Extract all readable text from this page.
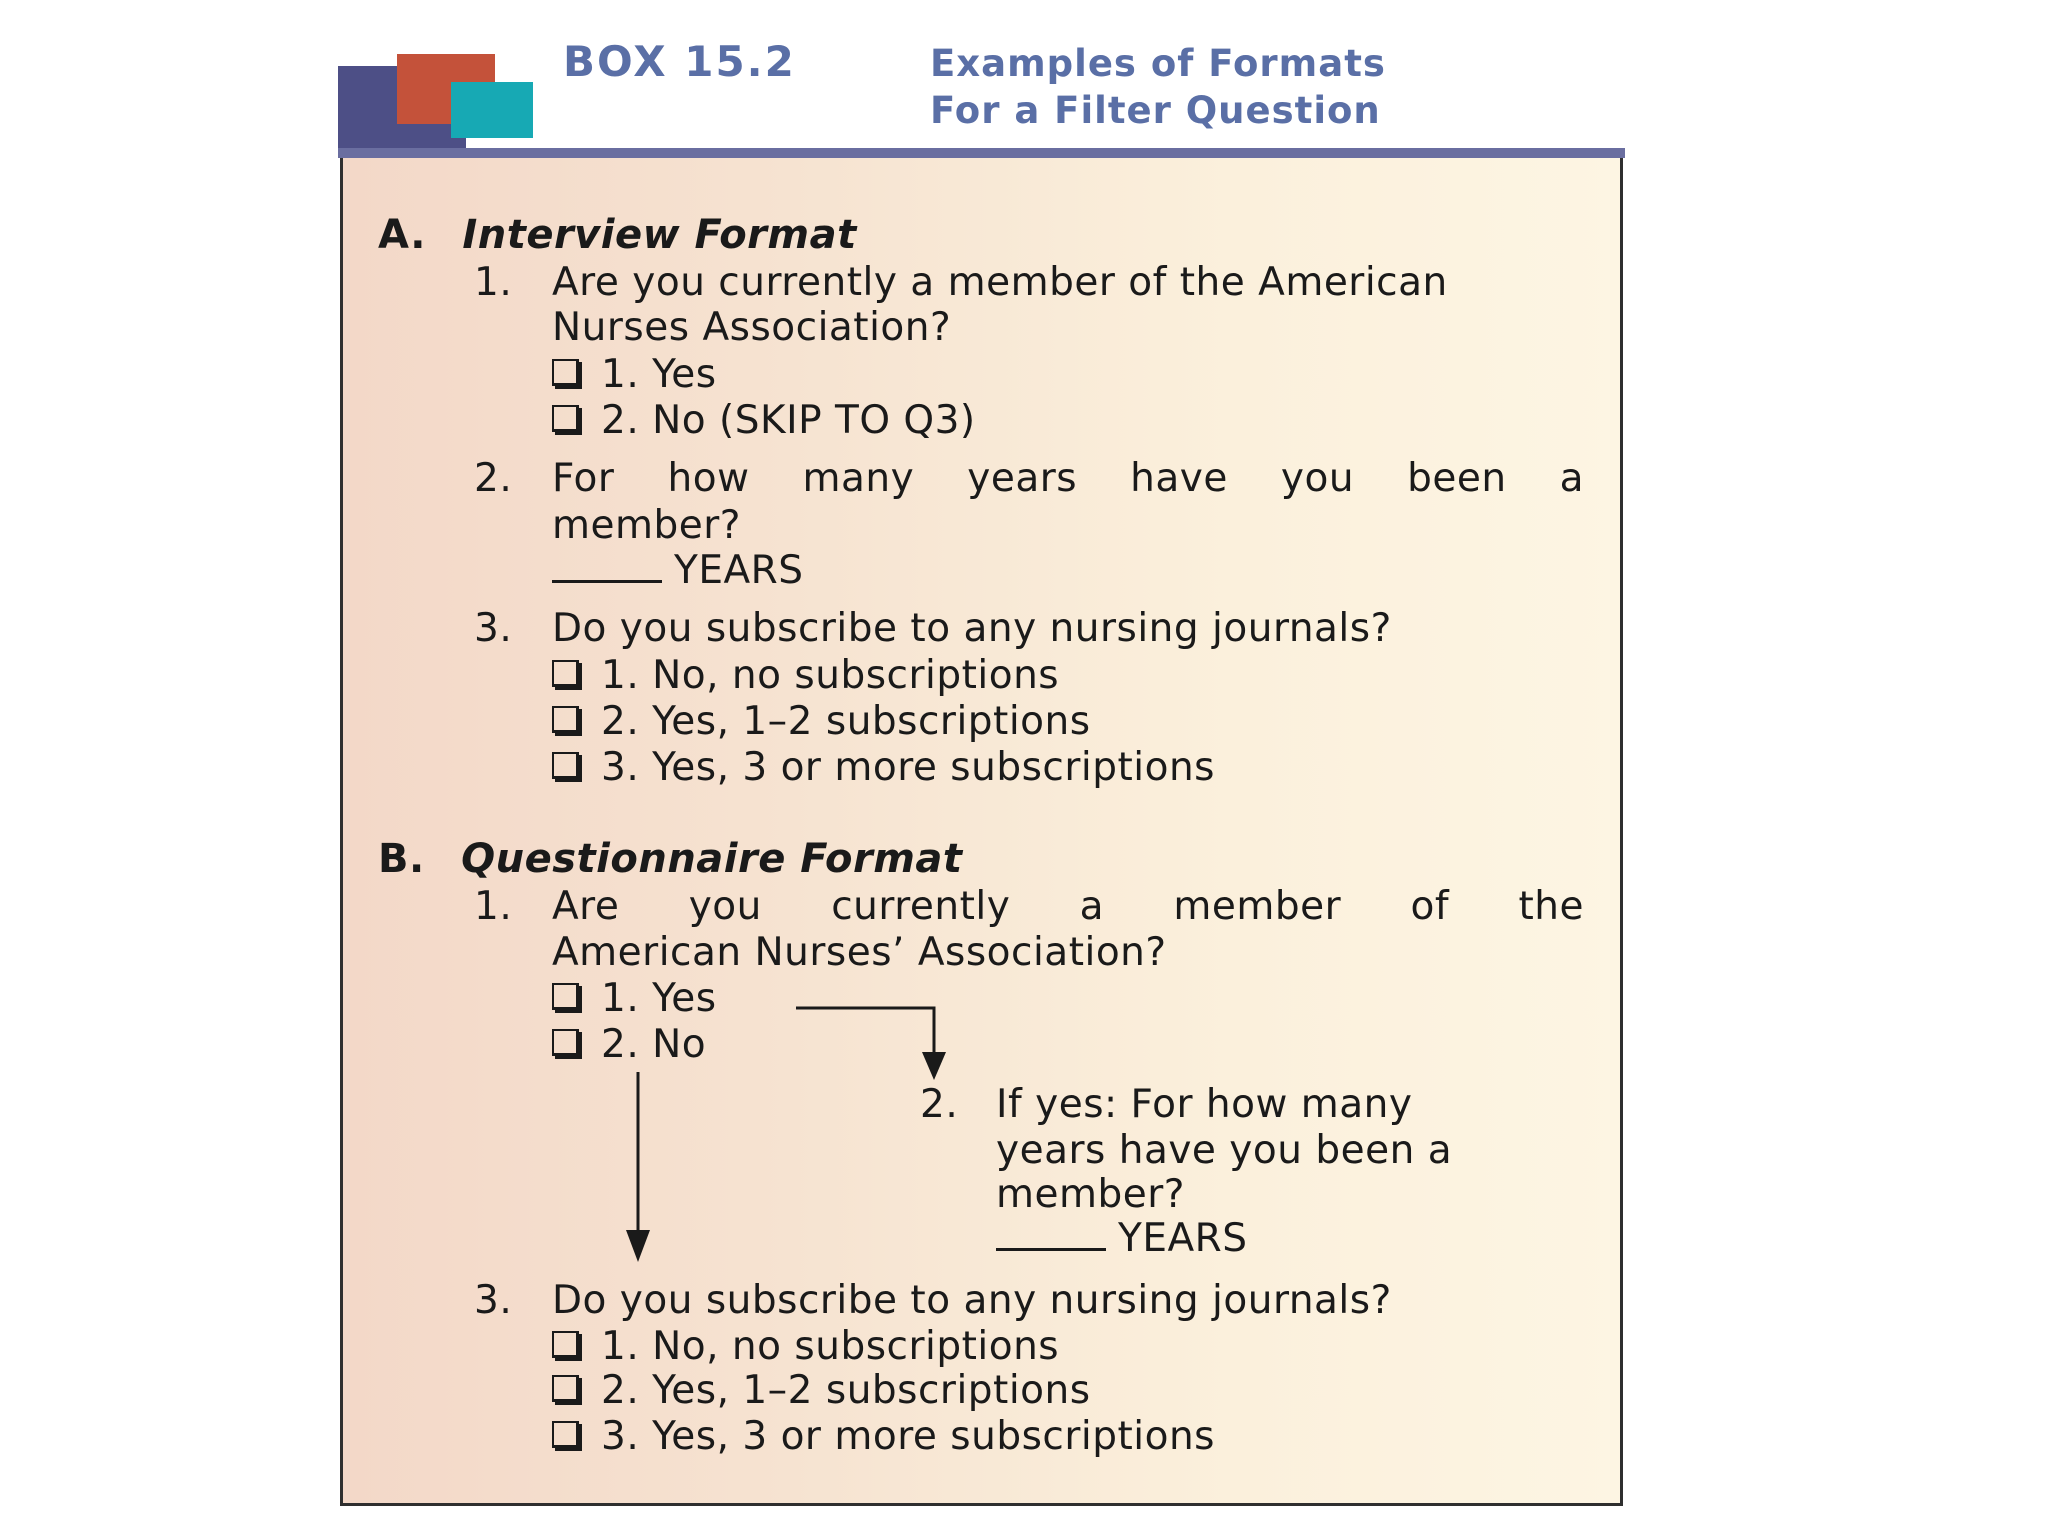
BOX 15.2	Examples of Formats
For a Filter Question
A. Interview Format
1. Are you currently a member of the American
Nurses Association?
1. Yes
2. No (SKIP TO Q3)
2. For how many years have you been a
member?
YEARS
3. Do you subscribe to any nursing journals?
1. No, no subscriptions
2. Yes, 1–2 subscriptions
3. Yes, 3 or more subscriptions
B. Questionnaire Format
1. Are you currently a member of the
American Nurses’ Association?
1. Yes
2. No
2. If yes: For how many
years have you been a
member?
YEARS
3. Do you subscribe to any nursing journals?
1. No, no subscriptions
2. Yes, 1–2 subscriptions
3. Yes, 3 or more subscriptions
